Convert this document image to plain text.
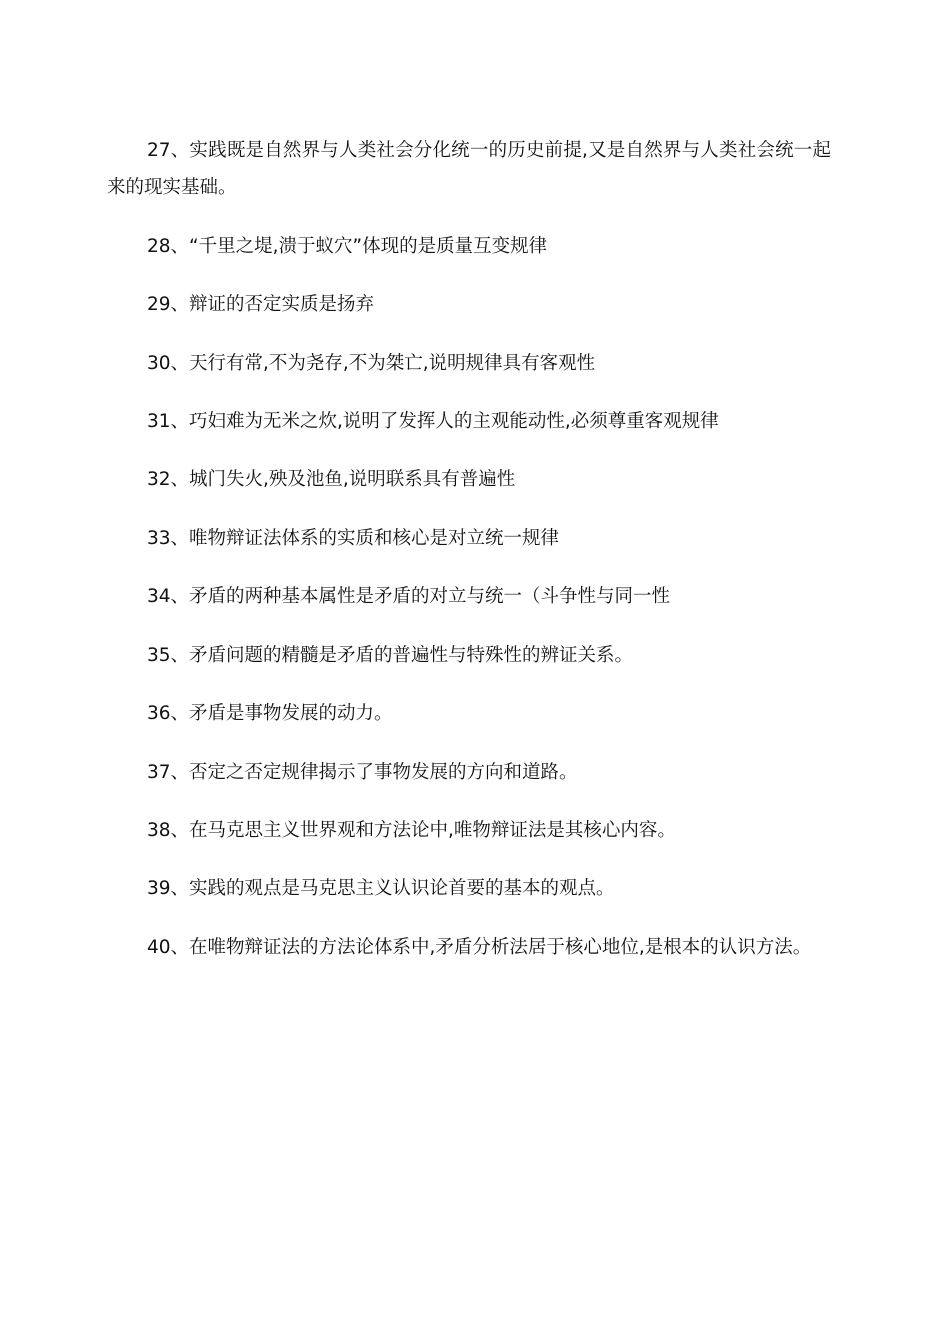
27、实践既是自然界与人类社会分化统一的历史前提,又是自然界与人类社会统一起来的现实基础。

28、“千里之堤,溃于蚁穴”体现的是质量互变规律

29、辩证的否定实质是扬弃

30、天行有常,不为尧存,不为桀亡,说明规律具有客观性

31、巧妇难为无米之炊,说明了发挥人的主观能动性,必须尊重客观规律

32、城门失火,殃及池鱼,说明联系具有普遍性

33、唯物辩证法体系的实质和核心是对立统一规律

34、矛盾的两种基本属性是矛盾的对立与统一（斗争性与同一性

35、矛盾问题的精髓是矛盾的普遍性与特殊性的辨证关系。

36、矛盾是事物发展的动力。

37、否定之否定规律揭示了事物发展的方向和道路。

38、在马克思主义世界观和方法论中,唯物辩证法是其核心内容。

39、实践的观点是马克思主义认识论首要的基本的观点。

40、在唯物辩证法的方法论体系中,矛盾分析法居于核心地位,是根本的认识方法。
